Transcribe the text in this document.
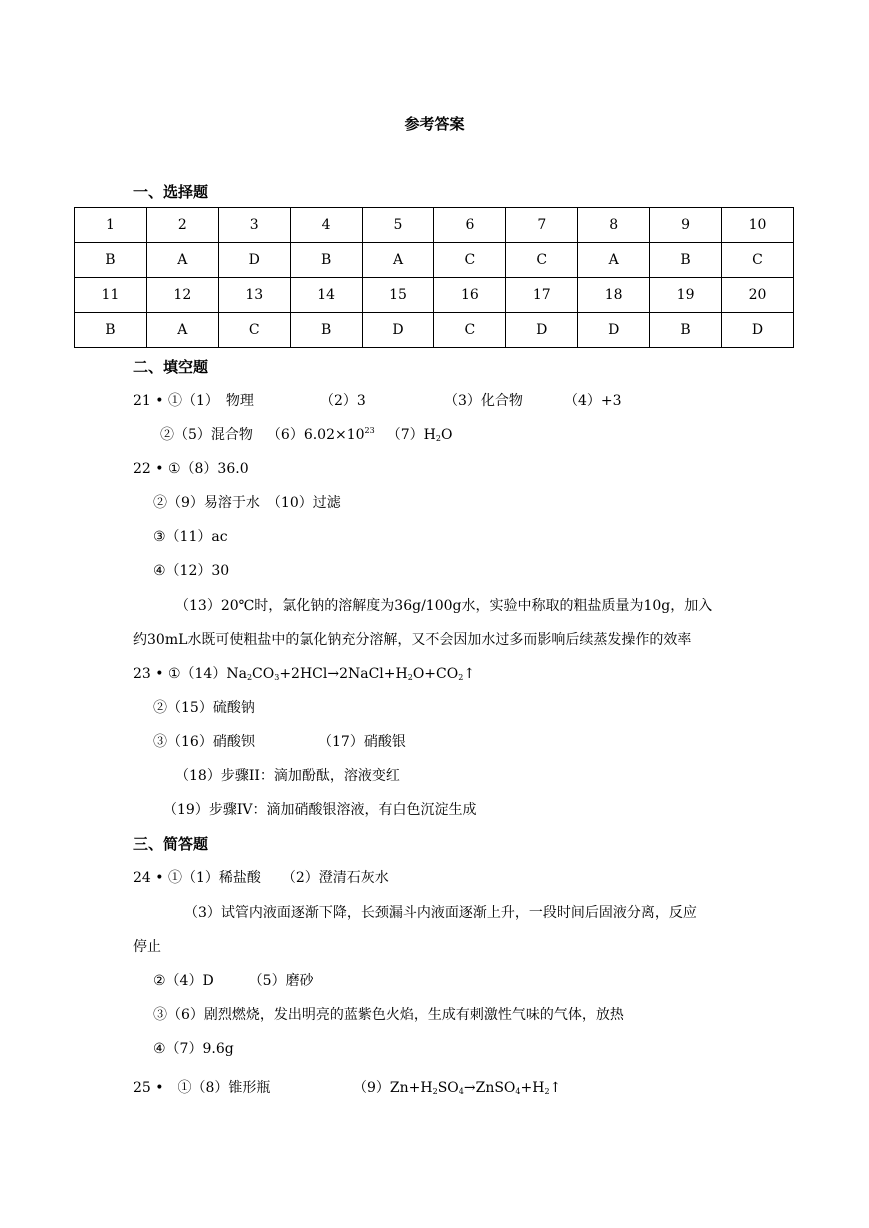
参考答案
一、选择题
1	2	3	4	5	6	7	8	9	10
B	A	D	B	A	C	C	A	B	C
11	12	13	14	15	16	17	18	19	20
B	A	C	B	D	C	D	D	B	D
二、填空题
21 • ①（1）　物理	（2）3	（3）化合物	（4）+3
②（5）混合物 $(6)6.02\times 10^{23}$ $(7)H_2O$
22 • ①（8）36.0
②（9）易溶于水　（10）过滤
③（11）ac
④（12）30
（13）20℃时，氯化钠的溶解度为36g/100g水，实验中称取的粗盐质量为10g，加入
约30mL水既可使粗盐中的氯化钠充分溶解，又不会因加水过多而影响后续蒸发操作的效率
23 • $①(14)Na_2CO_3+2HCl\to 2NaCl+H_2O+CO_2↑$
②（15）硫酸钠
③（16）硝酸钡	（17）硝酸银
（18）步骤II：滴加酚酞，溶液变红
（19）步骤IV：滴加硝酸银溶液，有白色沉淀生成
三、简答题
24 • ①（1）稀盐酸　　（2）澄清石灰水
（3）试管内液面逐渐下降，长颈漏斗内液面逐渐上升，一段时间后固液分离，反应
停止
②（4）D　　　（5）磨砂
③（6）剧烈燃烧，发出明亮的蓝紫色火焰，生成有刺激性气味的气体，放热
④（7）9.6g
25 •　①（8）锥形瓶	$(9)Zn+H_2SO_4\to ZnSO_4+H_2↑$
